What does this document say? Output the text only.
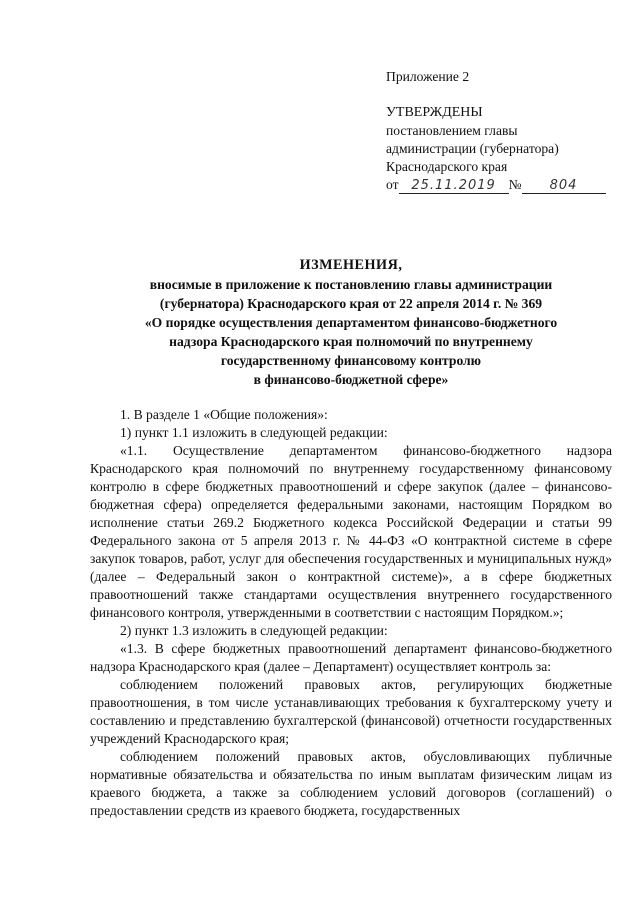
Приложение 2
УТВЕРЖДЕНЫ
постановлением главы
администрации (губернатора)
Краснодарского края
от 25.11.2019 № 804
ИЗМЕНЕНИЯ,
вносимые в приложение к постановлению главы администрации
(губернатора) Краснодарского края от 22 апреля 2014 г. № 369
«О порядке осуществления департаментом финансово-бюджетного
надзора Краснодарского края полномочий по внутреннему
государственному финансовому контролю
в финансово-бюджетной сфере»

1. В разделе 1 «Общие положения»:

1) пункт 1.1 изложить в следующей редакции:

«1.1. Осуществление департаментом финансово-бюджетного надзора Краснодарского края полномочий по внутреннему государственному финансовому контролю в сфере бюджетных правоотношений и сфере закупок (далее – финансово-бюджетная сфера) определяется федеральными законами, настоящим Порядком во исполнение статьи 269.2 Бюджетного кодекса Российской Федерации и статьи 99 Федерального закона от 5 апреля 2013 г. № 44-ФЗ «О контрактной системе в сфере закупок товаров, работ, услуг для обеспечения государственных и муниципальных нужд» (далее – Федеральный закон о контрактной системе)», а в сфере бюджетных правоотношений также стандартами осуществления внутреннего государственного финансового контроля, утвержденными в соответствии с настоящим Порядком.»;

2) пункт 1.3 изложить в следующей редакции:

«1.3. В сфере бюджетных правоотношений департамент финансово-бюджетного надзора Краснодарского края (далее – Департамент) осуществляет контроль за:

соблюдением положений правовых актов, регулирующих бюджетные правоотношения, в том числе устанавливающих требования к бухгалтерскому учету и составлению и представлению бухгалтерской (финансовой) отчетности государственных учреждений Краснодарского края;

соблюдением положений правовых актов, обусловливающих публичные нормативные обязательства и обязательства по иным выплатам физическим лицам из краевого бюджета, а также за соблюдением условий договоров (соглашений) о предоставлении средств из краевого бюджета, государственных
